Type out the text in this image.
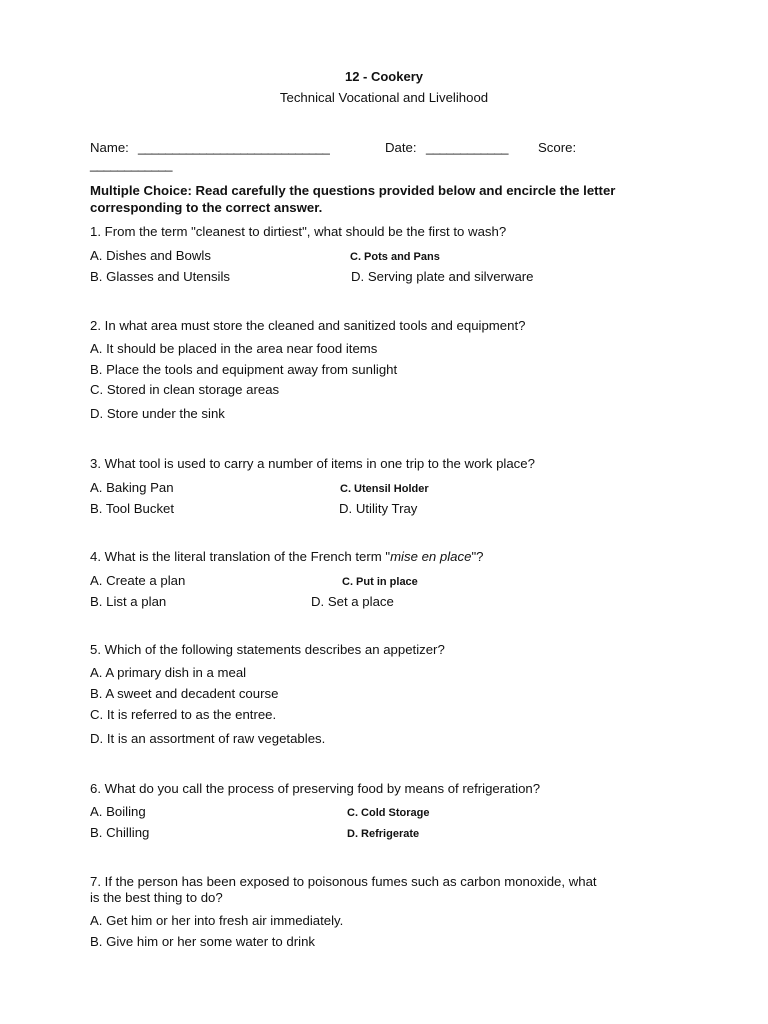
12 - Cookery
Technical Vocational and Livelihood
Name: ____________________________	Date: ____________ Score:
____________
Multiple Choice: Read carefully the questions provided below and encircle the letter corresponding to the correct answer.
1. From the term "cleanest to dirtiest", what should be the first to wash?
A. Dishes and Bowls	C. Pots and Pans
B. Glasses and Utensils	D. Serving plate and silverware
2. In what area must store the cleaned and sanitized tools and equipment?
A. It should be placed in the area near food items
B. Place the tools and equipment away from sunlight
C. Stored in clean storage areas
D. Store under the sink
3. What tool is used to carry a number of items in one trip to the work place?
A. Baking Pan	C. Utensil Holder
B. Tool Bucket	D. Utility Tray
4. What is the literal translation of the French term "mise en place"?
A. Create a plan	C. Put in place
B. List a plan	D. Set a place
5. Which of the following statements describes an appetizer?
A. A primary dish in a meal
B. A sweet and decadent course
C. It is referred to as the entree.
D. It is an assortment of raw vegetables.
6. What do you call the process of preserving food by means of refrigeration?
A. Boiling	C. Cold Storage
B. Chilling	D. Refrigerate
7. If the person has been exposed to poisonous fumes such as carbon monoxide, what
is the best thing to do?
A. Get him or her into fresh air immediately.
B. Give him or her some water to drink
